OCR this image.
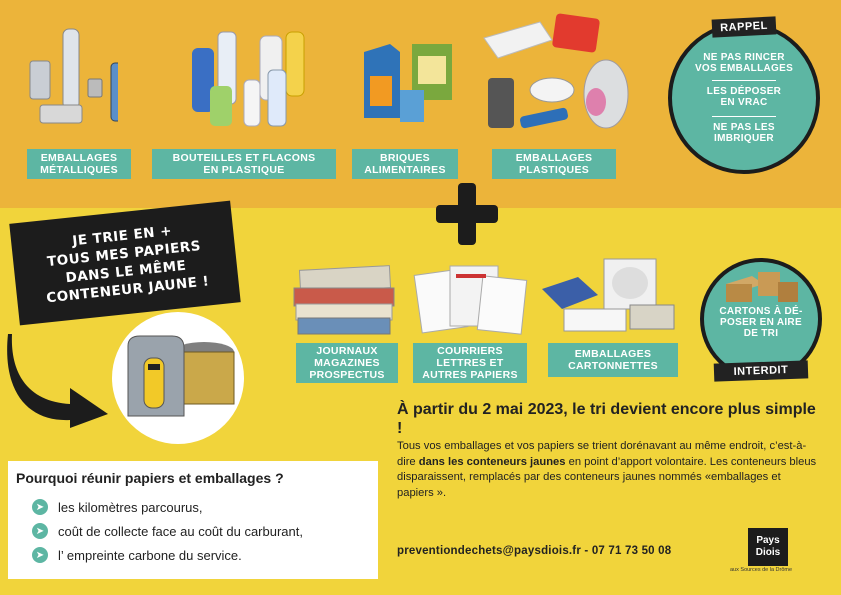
EMBALLAGES
MÉTALLIQUES
BOUTEILLES ET FLACONS
EN PLASTIQUE
BRIQUES
ALIMENTAIRES
EMBALLAGES
PLASTIQUES
RAPPEL
NE PAS RINCER
VOS EMBALLAGES
LES DÉPOSER
EN VRAC
NE PAS LES
IMBRIQUER
JE TRIE EN +
TOUS MES PAPIERS
DANS LE MÊME
CONTENEUR JAUNE !
JOURNAUX
MAGAZINES
PROSPECTUS
COURRIERS
LETTRES ET
AUTRES PAPIERS
EMBALLAGES
CARTONNETTES
CARTONS À DÉ-
POSER EN AIRE
DE TRI
INTERDIT
Pourquoi réunir papiers et emballages ?
➤ les kilomètres parcourus,
➤ coût de collecte face au coût du carburant,
➤ l’ empreinte carbone du service.
À partir du 2 mai 2023, le tri devient encore plus simple !
Tous vos emballages et vos papiers se trient dorénavant au même endroit, c’est-à-dire dans les conteneurs jaunes en point d’apport volontaire. Les conteneurs bleus disparaissent, remplacés par des conteneurs jaunes nommés «emballages et papiers ».
preventiondechets@paysdiois.fr - 07 71 73 50 08
Pays
Diois
aux Sources de la Drôme
